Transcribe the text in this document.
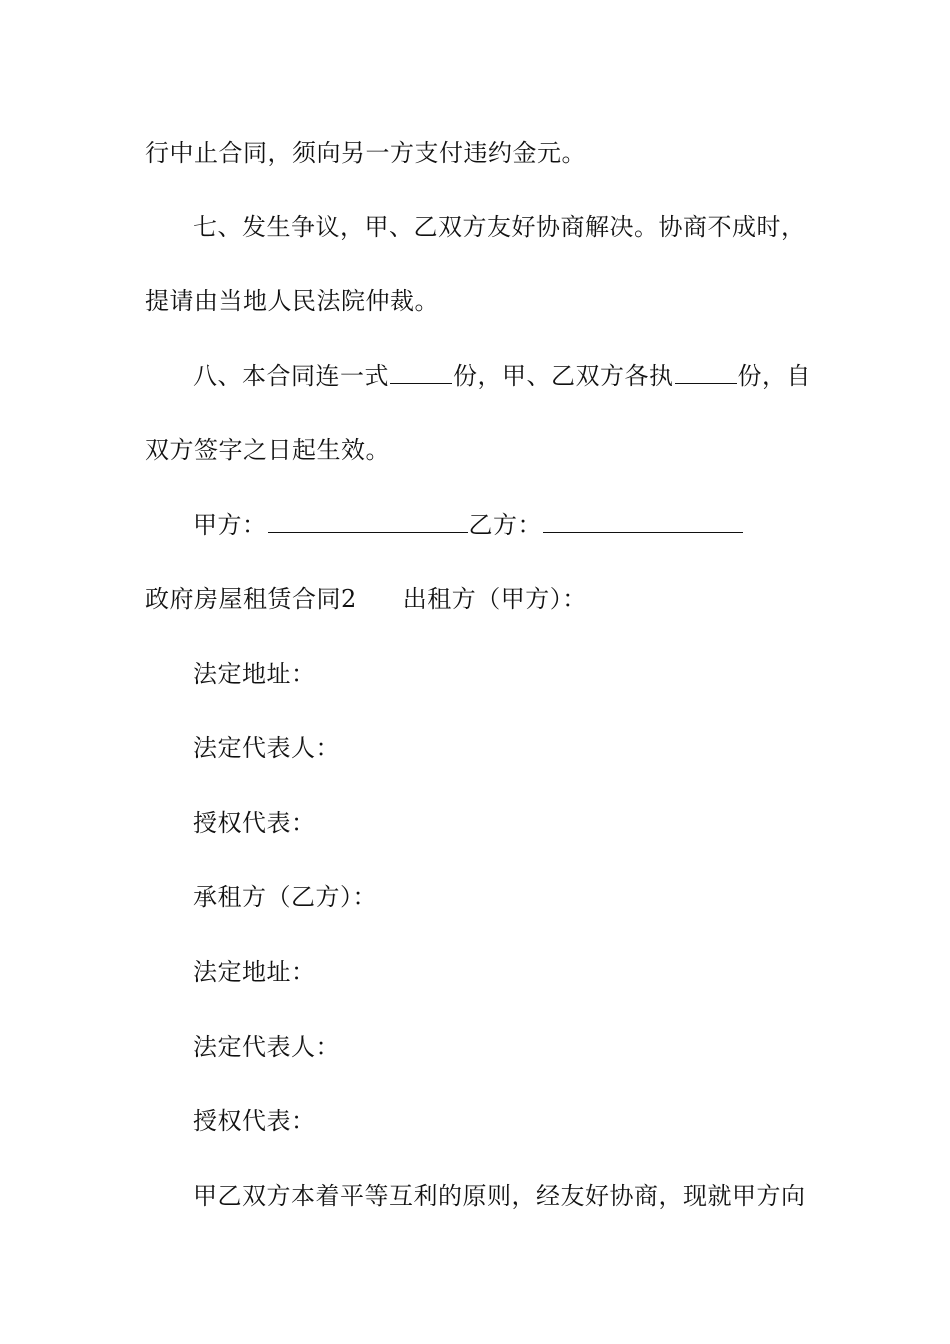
行中止合同，须向另一方支付违约金元。
七、发生争议，甲、乙双方友好协商解决。协商不成时，
提请由当地人民法院仲裁。
八、本合同连一式	份，甲、乙双方各执	份，自
双方签字之日起生效。
甲方：	乙方：
政府房屋租赁合同2 出租方（甲方）：
法定地址：
法定代表人：
授权代表：
承租方（乙方）：
法定地址：
法定代表人：
授权代表：
甲乙双方本着平等互利的原则，经友好协商，现就甲方向
